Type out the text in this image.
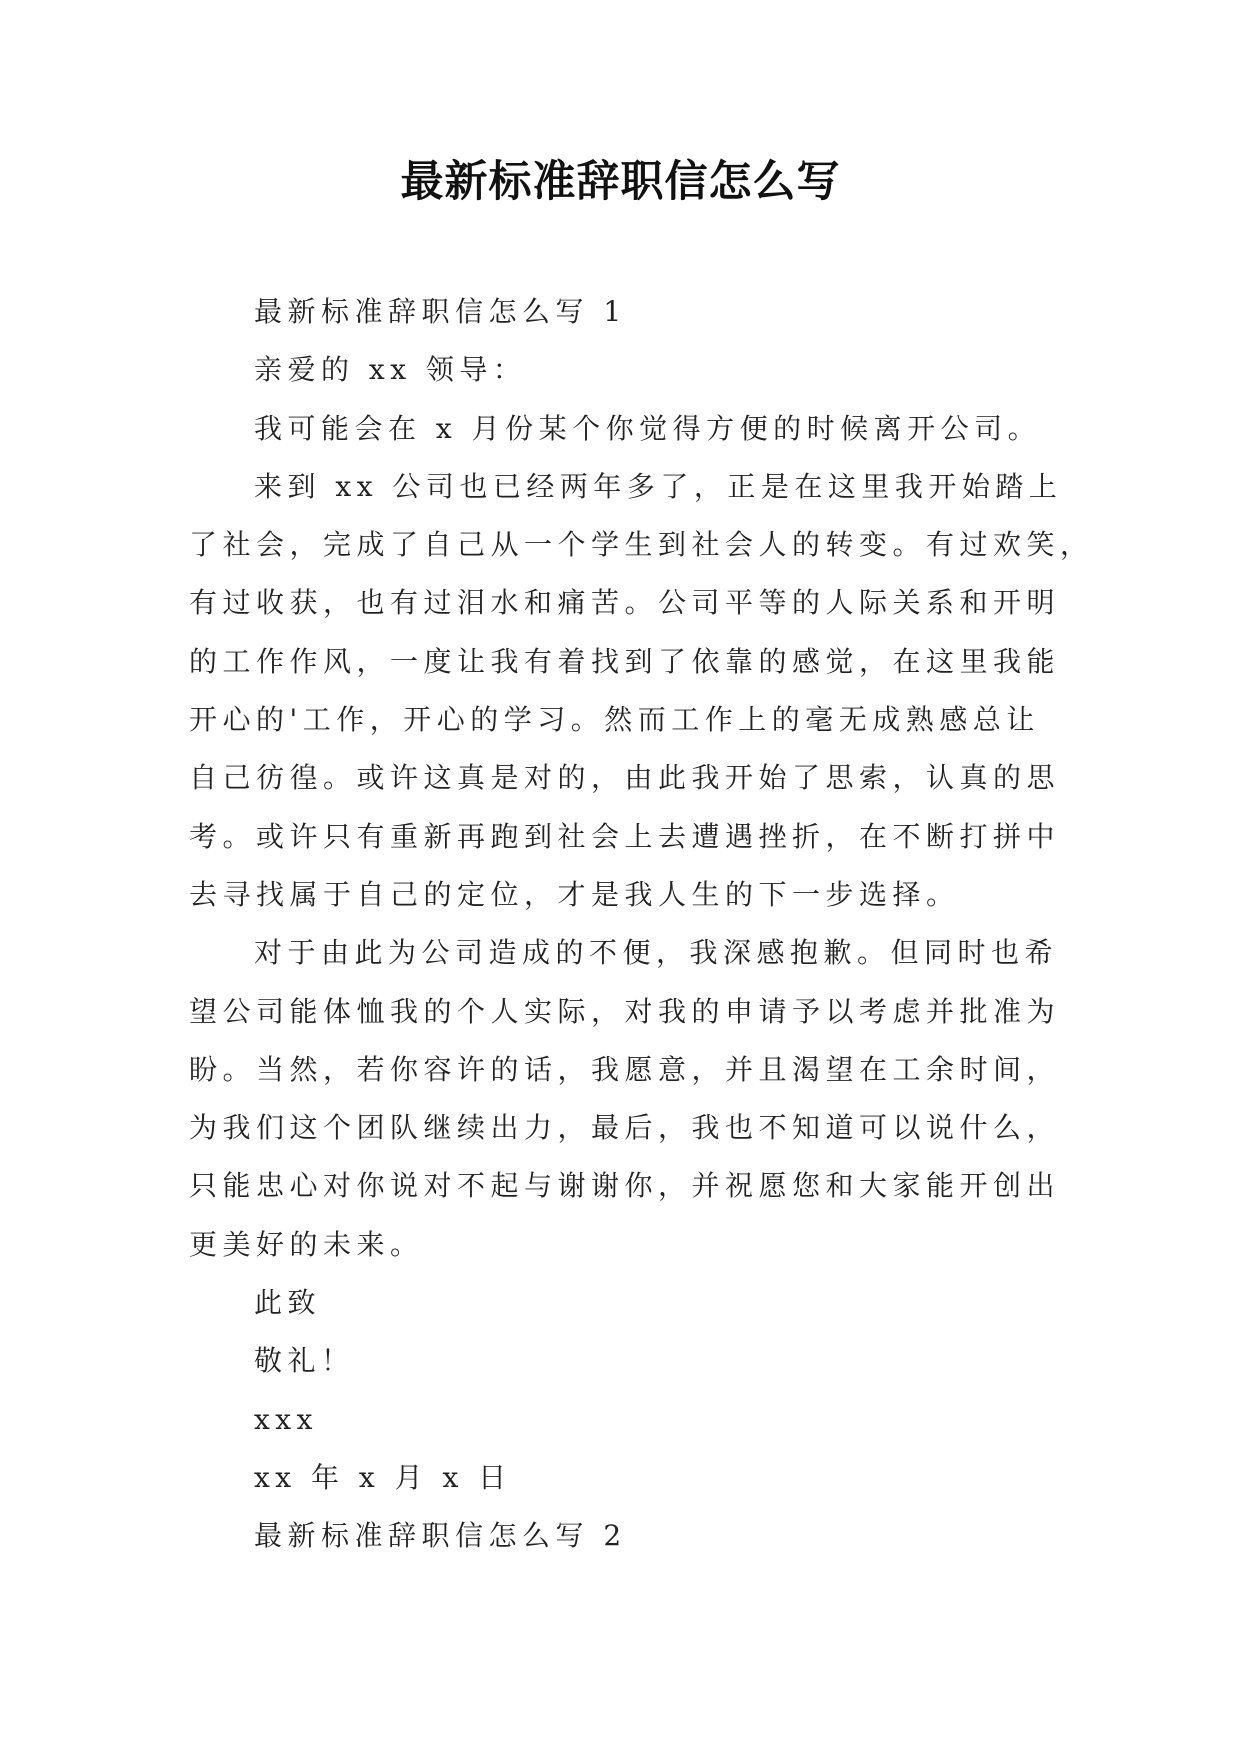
最新标准辞职信怎么写

最新标准辞职信怎么写 1

亲爱的 xx 领导：

我可能会在 x 月份某个你觉得方便的时候离开公司。

来到 xx 公司也已经两年多了，正是在这里我开始踏上

了社会，完成了自己从一个学生到社会人的转变。有过欢笑，

有过收获，也有过泪水和痛苦。公司平等的人际关系和开明

的工作作风，一度让我有着找到了依靠的感觉，在这里我能

开心的'工作，开心的学习。然而工作上的毫无成熟感总让

自己彷徨。或许这真是对的，由此我开始了思索，认真的思

考。或许只有重新再跑到社会上去遭遇挫折，在不断打拼中

去寻找属于自己的定位，才是我人生的下一步选择。

对于由此为公司造成的不便，我深感抱歉。但同时也希

望公司能体恤我的个人实际，对我的申请予以考虑并批准为

盼。当然，若你容许的话，我愿意，并且渴望在工余时间，

为我们这个团队继续出力，最后，我也不知道可以说什么，

只能忠心对你说对不起与谢谢你，并祝愿您和大家能开创出

更美好的未来。

此致

敬礼！

xxx

xx 年 x 月 x 日

最新标准辞职信怎么写 2
